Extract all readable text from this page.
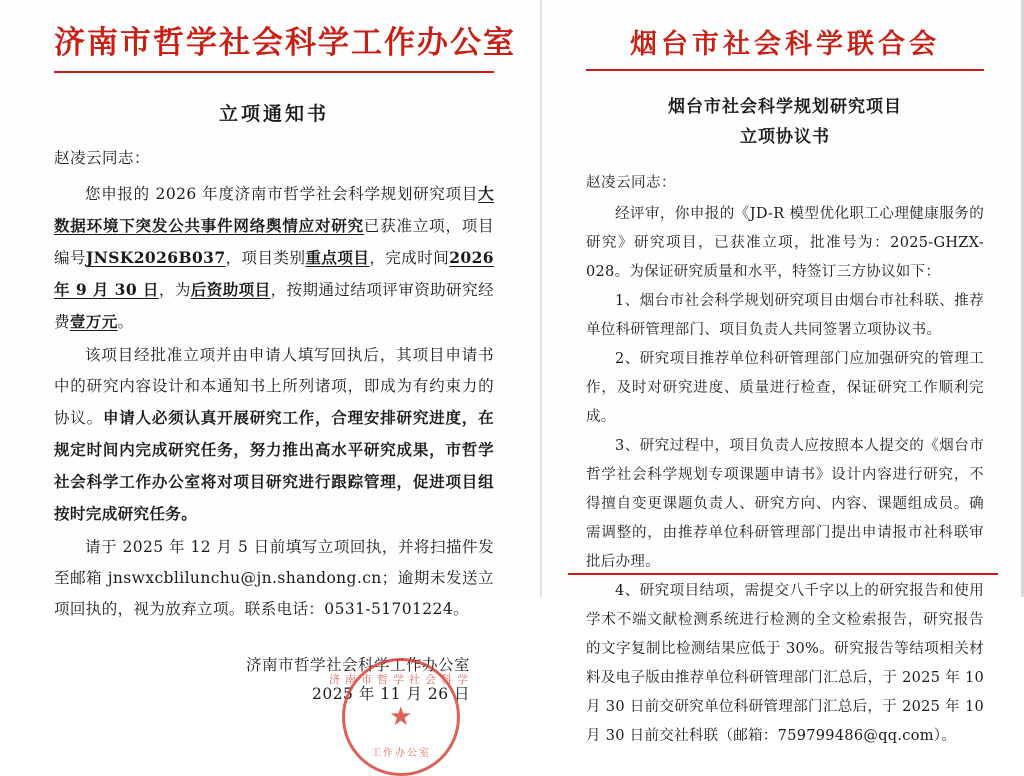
济南市哲学社会科学工作办公室
立项通知书
赵凌云同志：

您申报的 2026 年度济南市哲学社会科学规划研究项目大数据环境下突发公共事件网络舆情应对研究已获准立项，项目编号JNSK2026B037，项目类别重点项目，完成时间2026 年 9 月 30 日，为后资助项目，按期通过结项评审资助研究经费壹万元。

该项目经批准立项并由申请人填写回执后，其项目申请书中的研究内容设计和本通知书上所列诸项，即成为有约束力的协议。申请人必须认真开展研究工作，合理安排研究进度，在规定时间内完成研究任务，努力推出高水平研究成果，市哲学社会科学工作办公室将对项目研究进行跟踪管理，促进项目组按时完成研究任务。

请于 2025 年 12 月 5 日前填写立项回执，并将扫描件发至邮箱 jnswxcblilunchu@jn.shandong.cn；逾期未发送立项回执的，视为放弃立项。联系电话：0531-51701224。

济南市哲学社会科学工作办公室
2025 年 11 月 26 日
济南市哲学社会科学
★
工作办公室
烟台市社会科学联合会
烟台市社会科学规划研究项目
立项协议书
赵凌云同志：

经评审，你申报的《JD-R 模型优化职工心理健康服务的研究》研究项目，已获准立项，批准号为：2025-GHZX-028。为保证研究质量和水平，特签订三方协议如下：

1、烟台市社会科学规划研究项目由烟台市社科联、推荐单位科研管理部门、项目负责人共同签署立项协议书。

2、研究项目推荐单位科研管理部门应加强研究的管理工作，及时对研究进度、质量进行检查，保证研究工作顺利完成。

3、研究过程中，项目负责人应按照本人提交的《烟台市哲学社会科学规划专项课题申请书》设计内容进行研究，不得擅自变更课题负责人、研究方向、内容、课题组成员。确需调整的，由推荐单位科研管理部门提出申请报市社科联审批后办理。

4、研究项目结项，需提交八千字以上的研究报告和使用学术不端文献检测系统进行检测的全文检索报告，研究报告的文字复制比检测结果应低于 30%。研究报告等结项相关材料及电子版由推荐单位科研管理部门汇总后，于 2025 年 10 月 30 日前交研究单位科研管理部门汇总后，于 2025 年 10 月 30 日前交社科联（邮箱：759799486@qq.com）。
